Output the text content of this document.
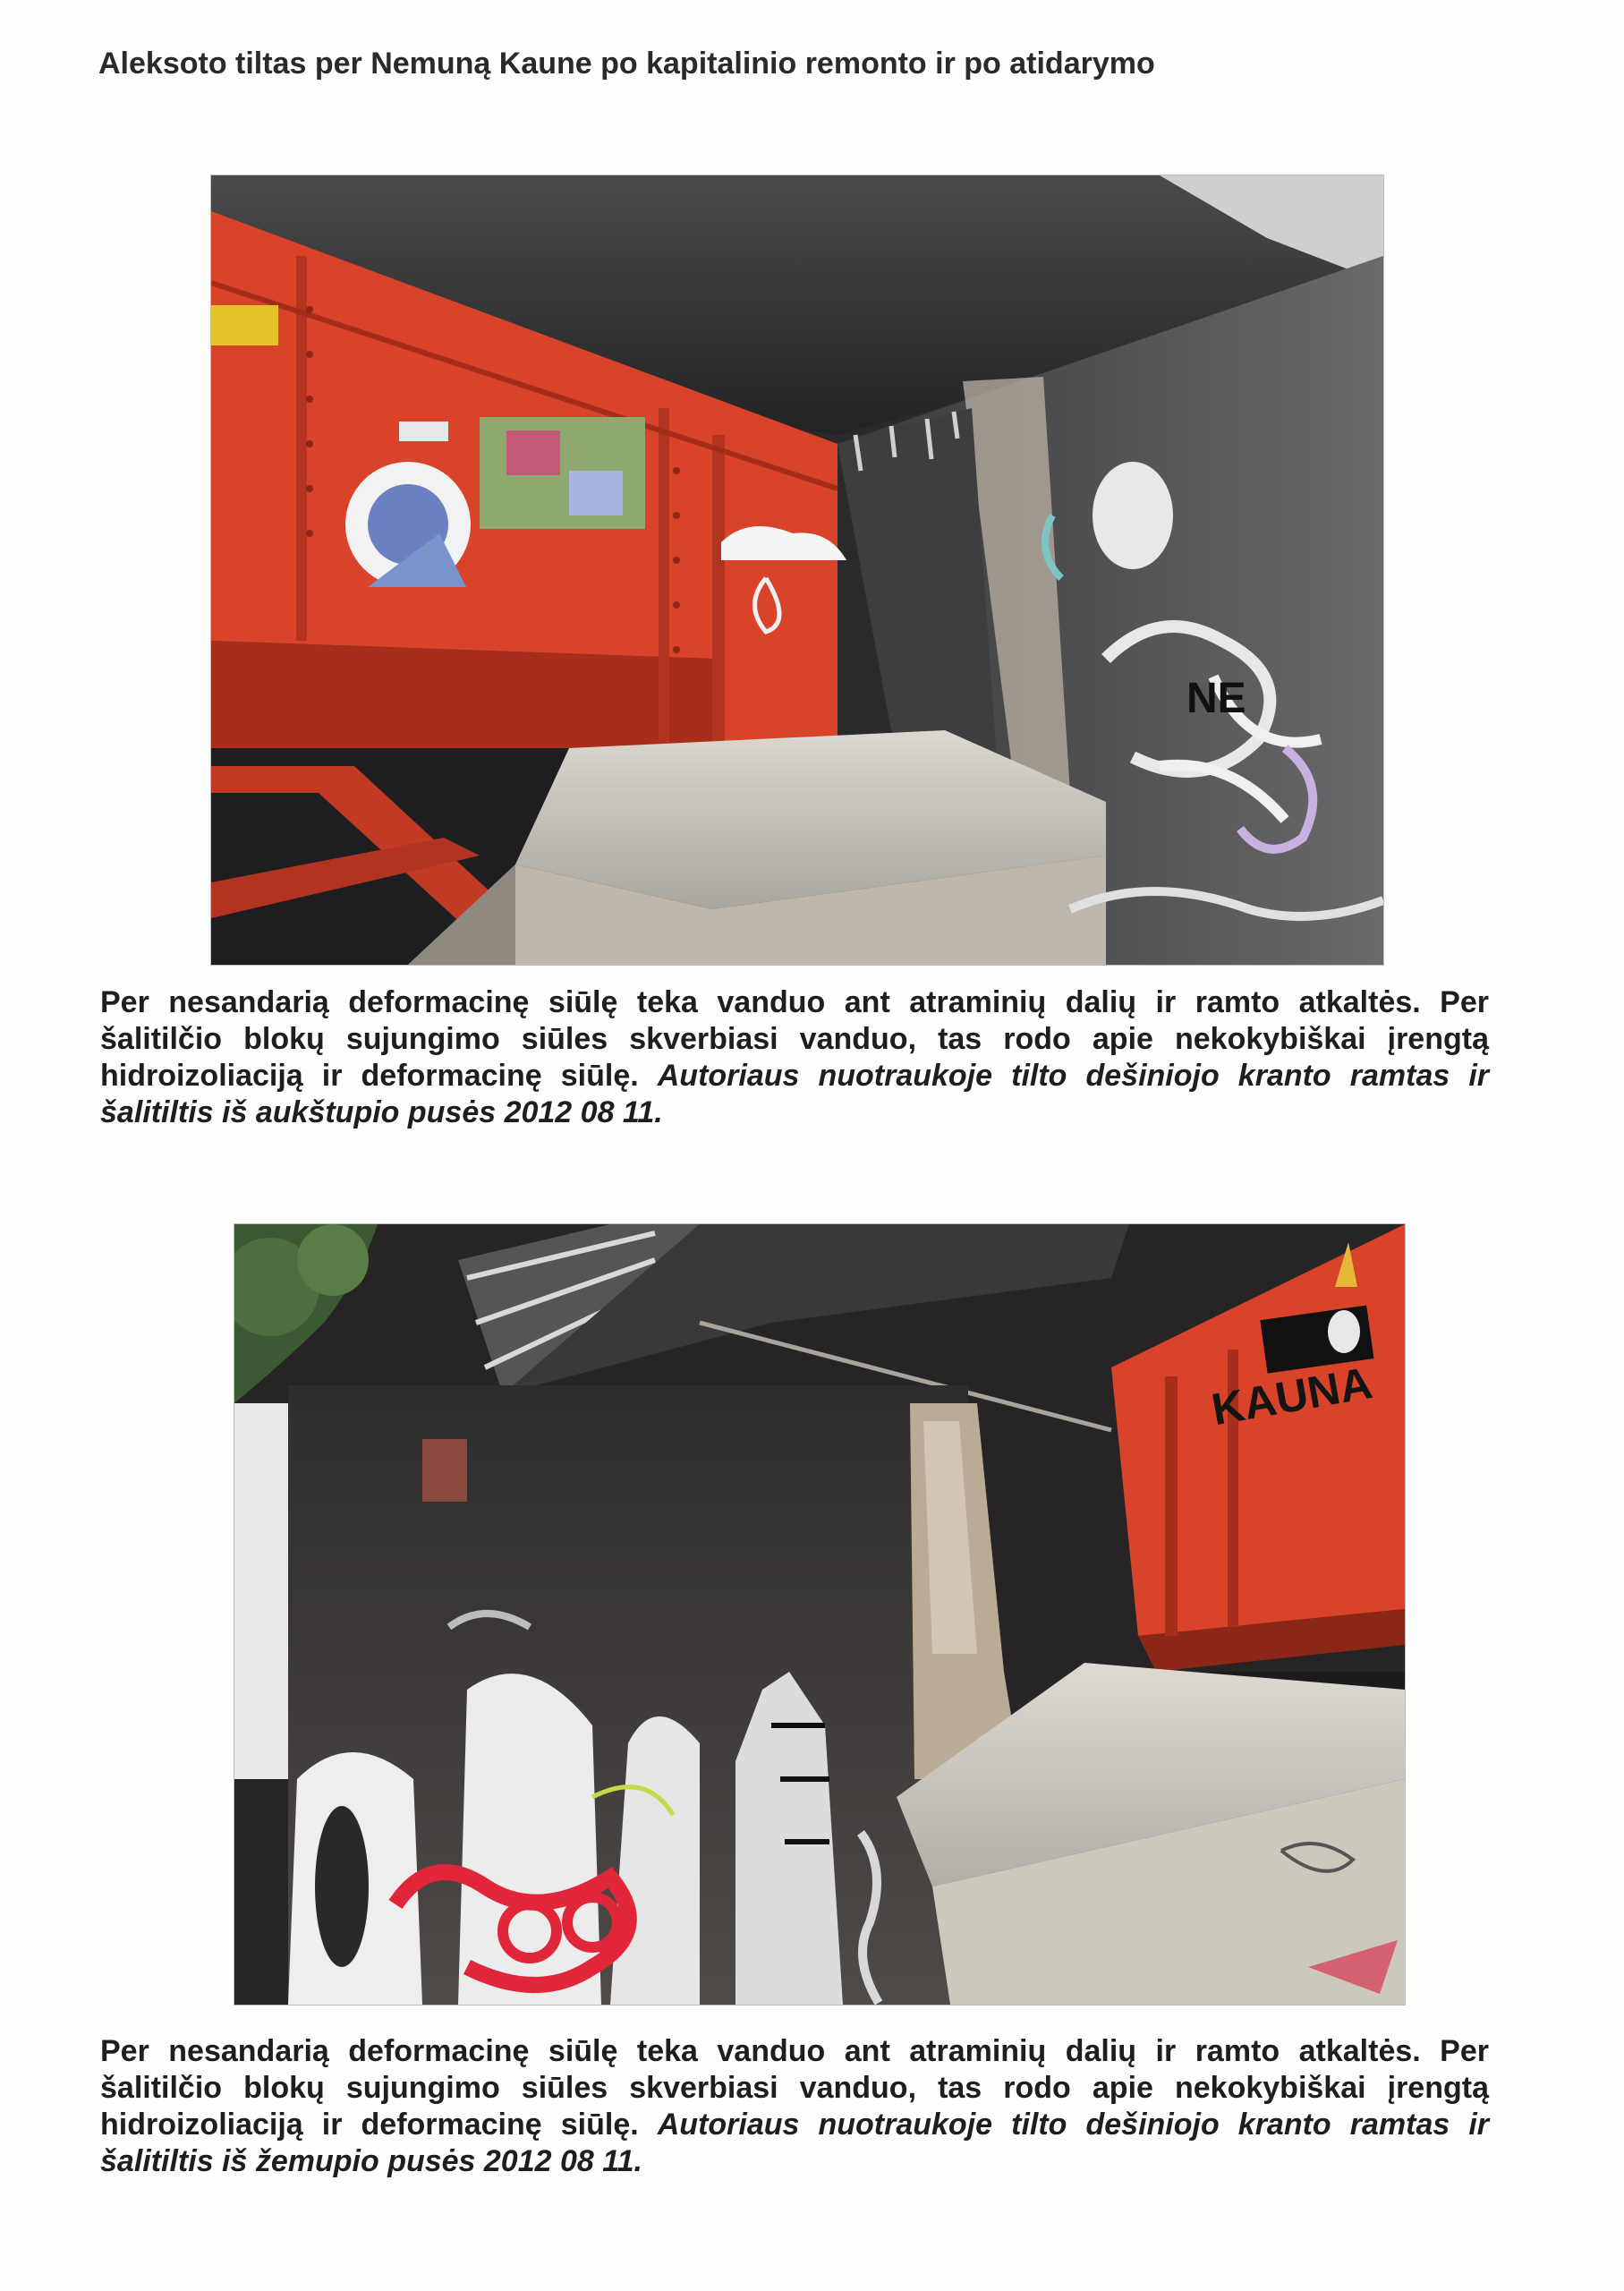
Aleksoto tiltas per Nemuną Kaune po kapitalinio remonto ir po atidarymo
NE
Per nesandarią deformacinę siūlę teka vanduo ant atraminių dalių ir ramto atkaltės. Per šalitilčio blokų sujungimo siūles skverbiasi vanduo, tas rodo apie nekokybiškai įrengtą hidroizoliaciją ir deformacinę siūlę. Autoriaus nuotraukoje tilto dešiniojo kranto ramtas ir šalitiltis iš aukštupio pusės 2012 08 11.
KAUNA
Per nesandarią deformacinę siūlę teka vanduo ant atraminių dalių ir ramto atkaltės. Per šalitilčio blokų sujungimo siūles skverbiasi vanduo, tas rodo apie nekokybiškai įrengtą hidroizoliaciją ir deformacinę siūlę. Autoriaus nuotraukoje tilto dešiniojo kranto ramtas ir šalitiltis iš žemupio pusės 2012 08 11.
